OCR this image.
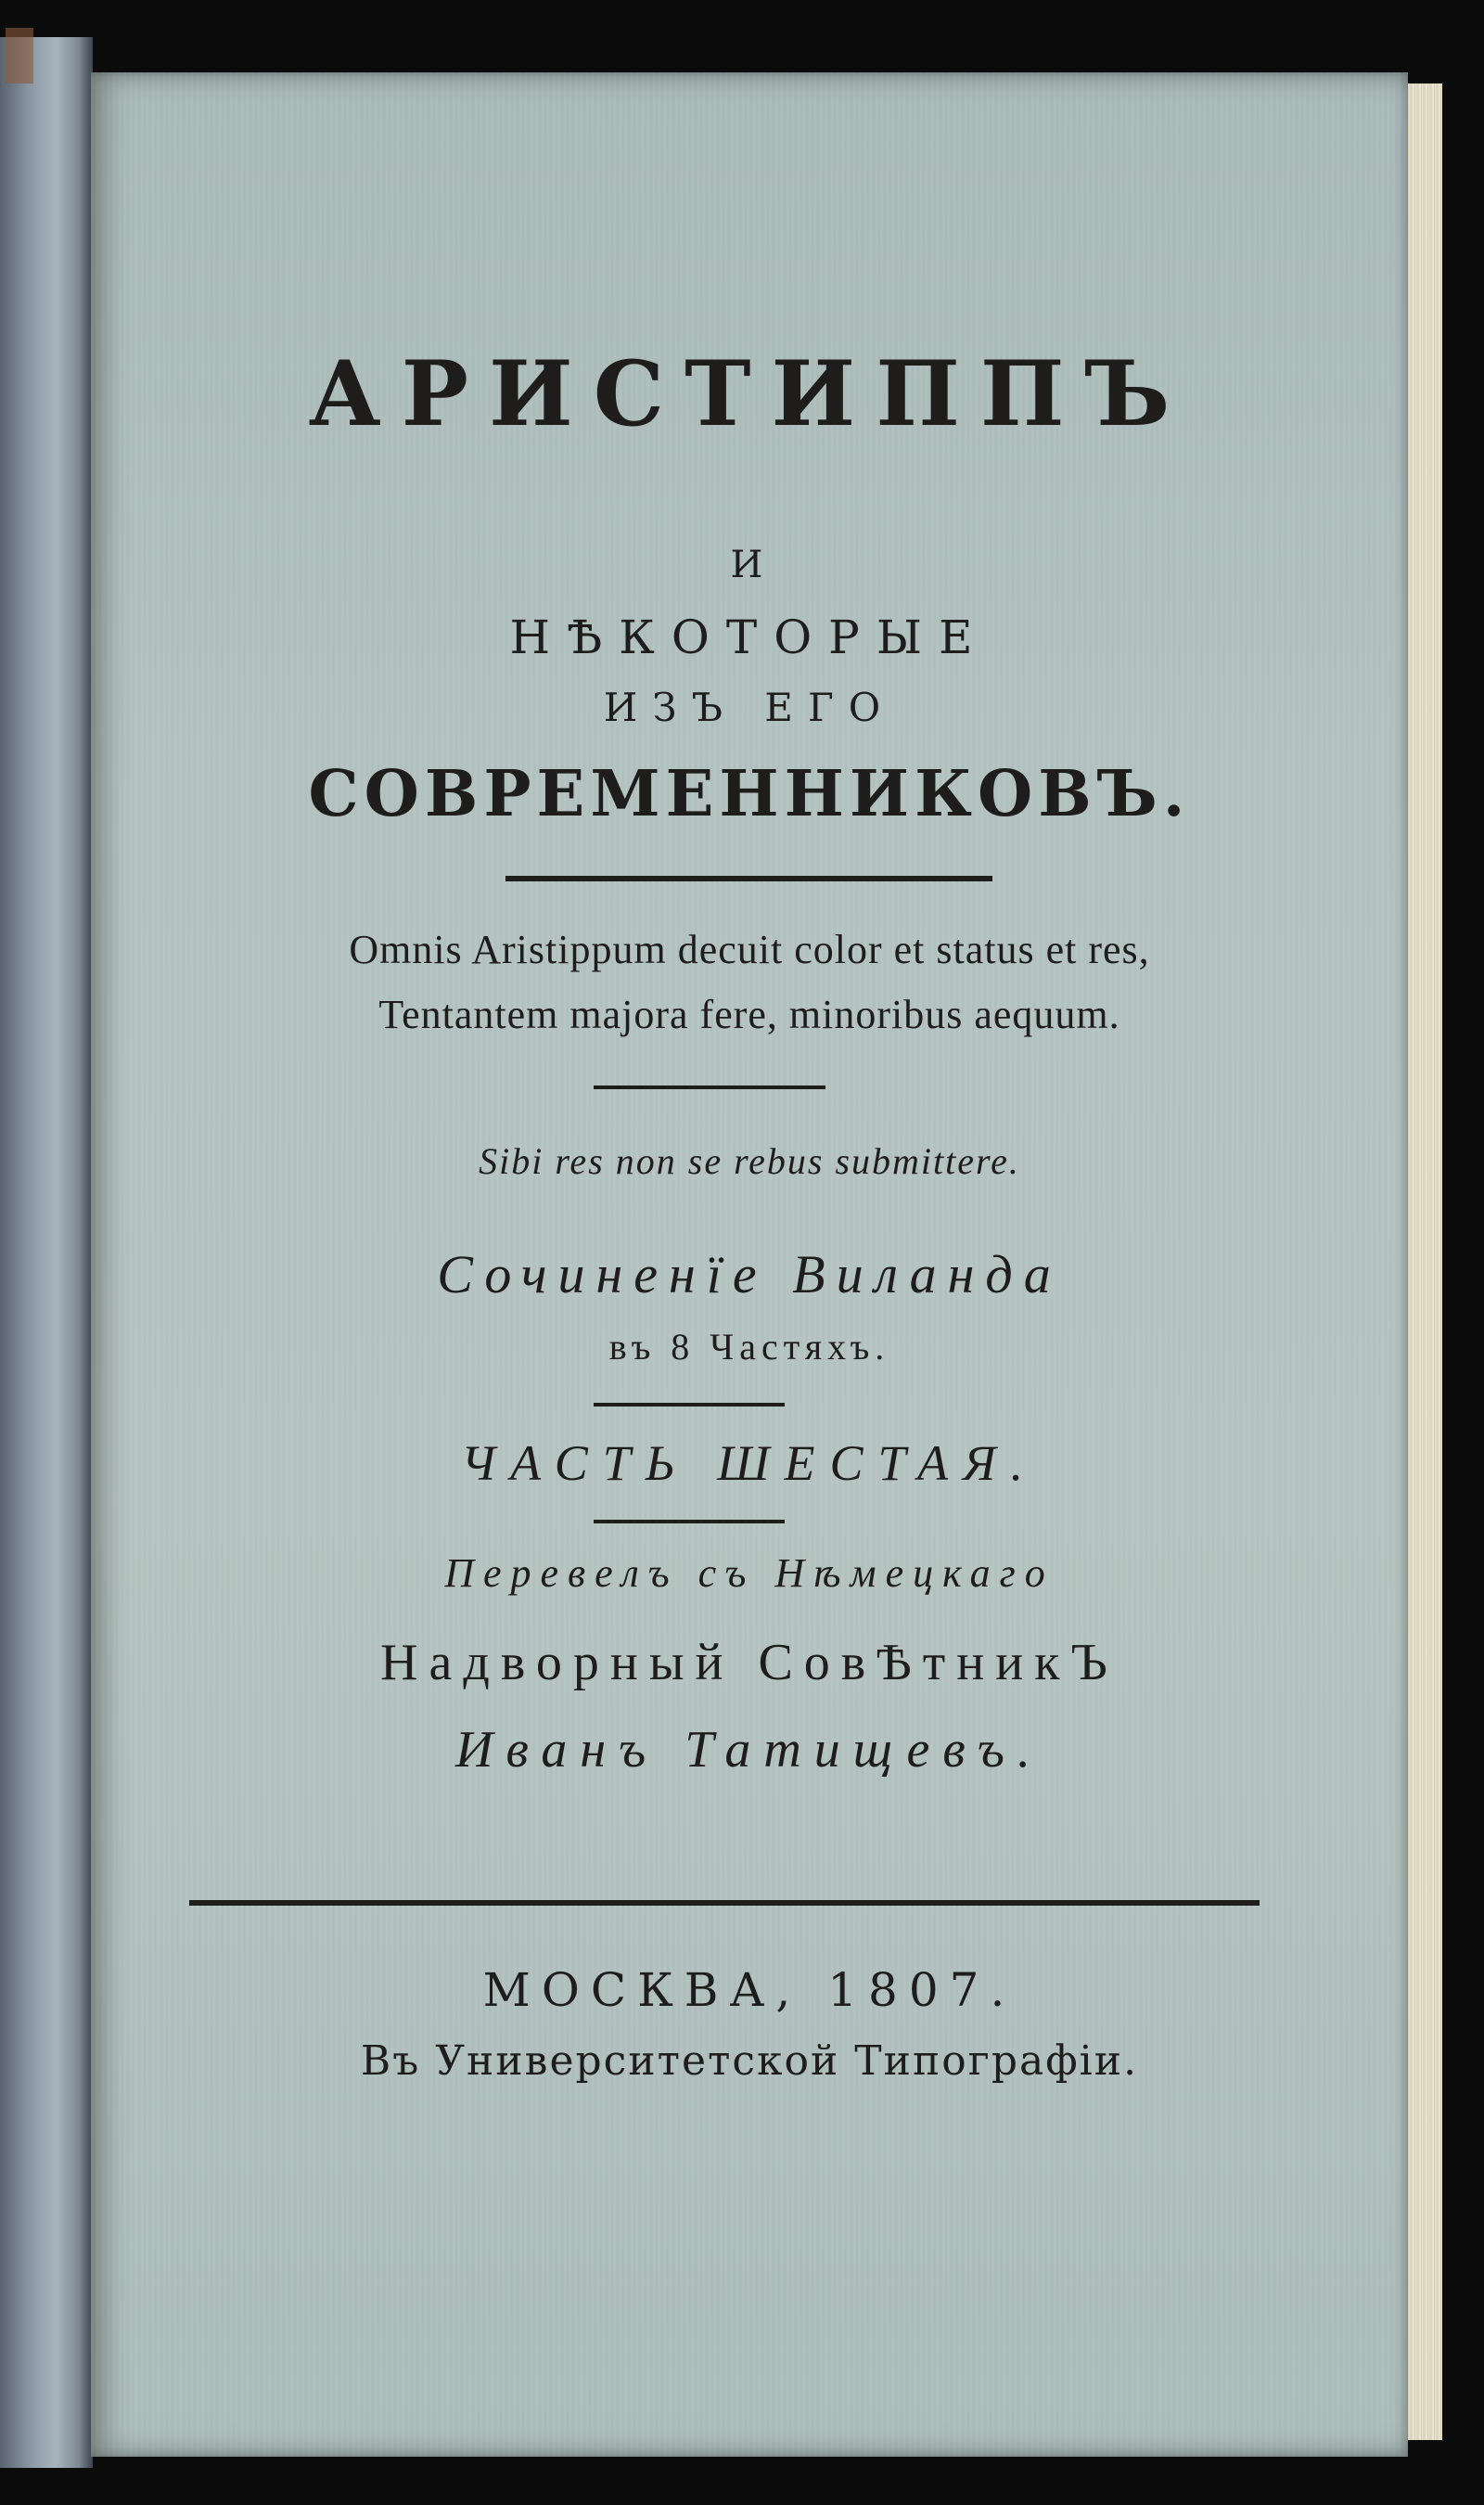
АРИСТИППЪ
И
НѢКОТОРЫЕ
ИЗЪ ЕГО
СОВРЕМЕННИКОВЪ.
Omnis Aristippum decuit color et status et res,
Tentantem majora fere, minoribus aequum.
Sibi res non se rebus submittere.
Сочиненїе Виланда
въ 8 Частяхъ.
ЧАСТЬ ШЕСТАЯ.
Перевелъ съ Нѣмецкаго
Надворный СовѢтникЪ
Иванъ Татищевъ.
МОСКВА, 1807.
Въ Университетской Типографiи.
